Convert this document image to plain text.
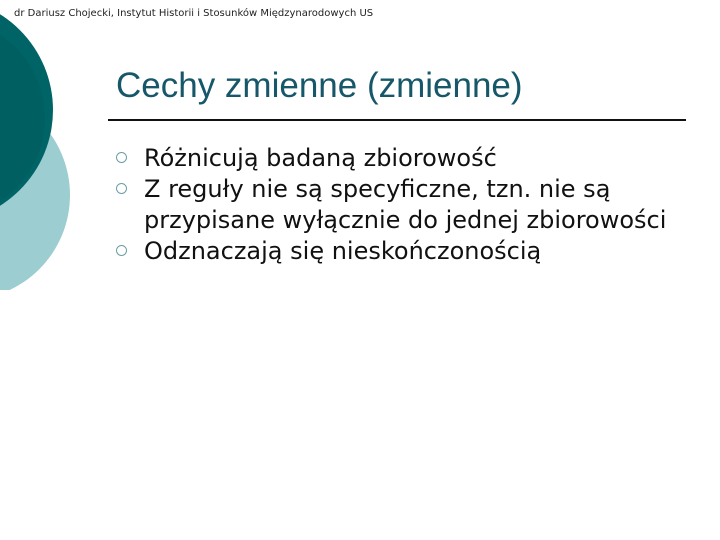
dr Dariusz Chojecki, Instytut Historii i Stosunków Międzynarodowych US
Cechy zmienne (zmienne)
Różnicują badaną zbiorowość
Z reguły nie są specyficzne, tzn. nie są przypisane wyłącznie do jednej zbiorowości
Odznaczają się nieskończonością
